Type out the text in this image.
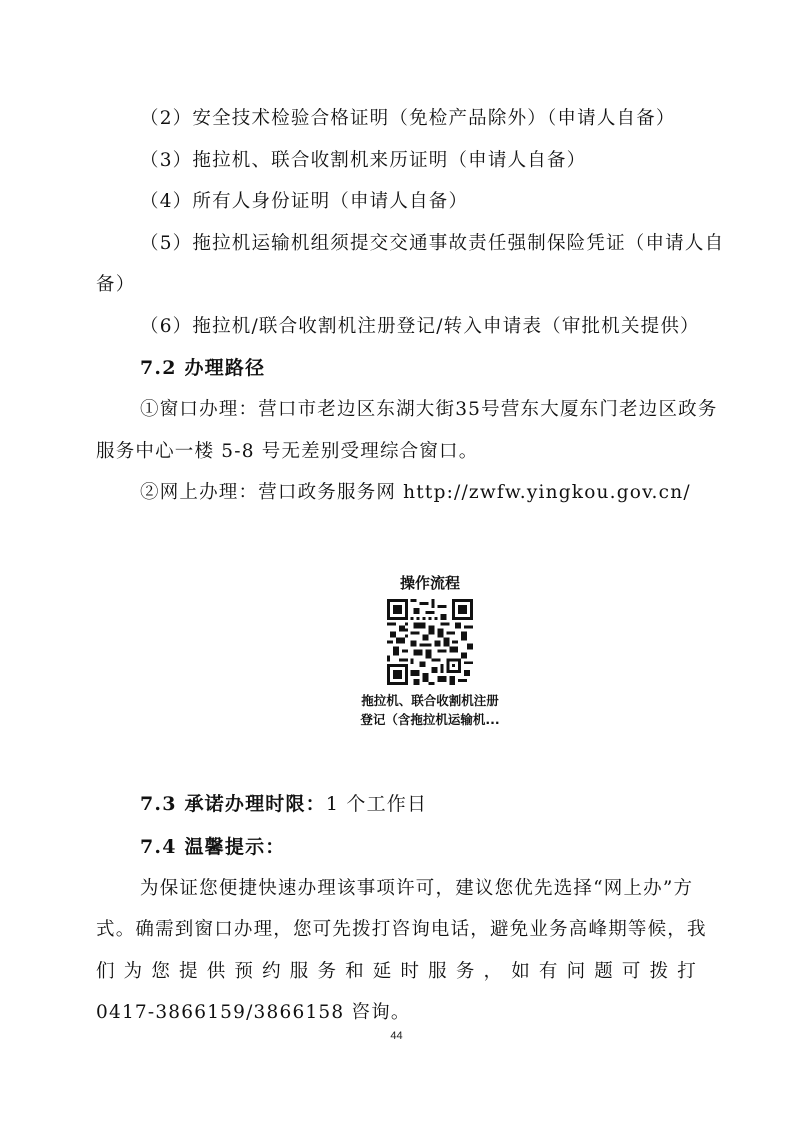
（2）安全技术检验合格证明（免检产品除外）（申请人自备）
（3）拖拉机、联合收割机来历证明（申请人自备）
（4）所有人身份证明（申请人自备）
（5）拖拉机运输机组须提交交通事故责任强制保险凭证（申请人自
备）
（6）拖拉机/联合收割机注册登记/转入申请表（审批机关提供）
7.2 办理路径
①窗口办理：营口市老边区东湖大街35号营东大厦东门老边区政务
服务中心一楼 5-8 号无差别受理综合窗口。
②网上办理：营口政务服务网 http://zwfw.yingkou.gov.cn/
操作流程
拖拉机、联合收割机注册
登记（含拖拉机运输机...
7.3 承诺办理时限：1 个工作日
7.4 温馨提示：
为保证您便捷快速办理该事项许可，建议您优先选择“网上办”方
式。确需到窗口办理，您可先拨打咨询电话，避免业务高峰期等候，我
们为您提供预约服务和延时服务，如有问题可拨打
0417-3866159/3866158 咨询。
44
